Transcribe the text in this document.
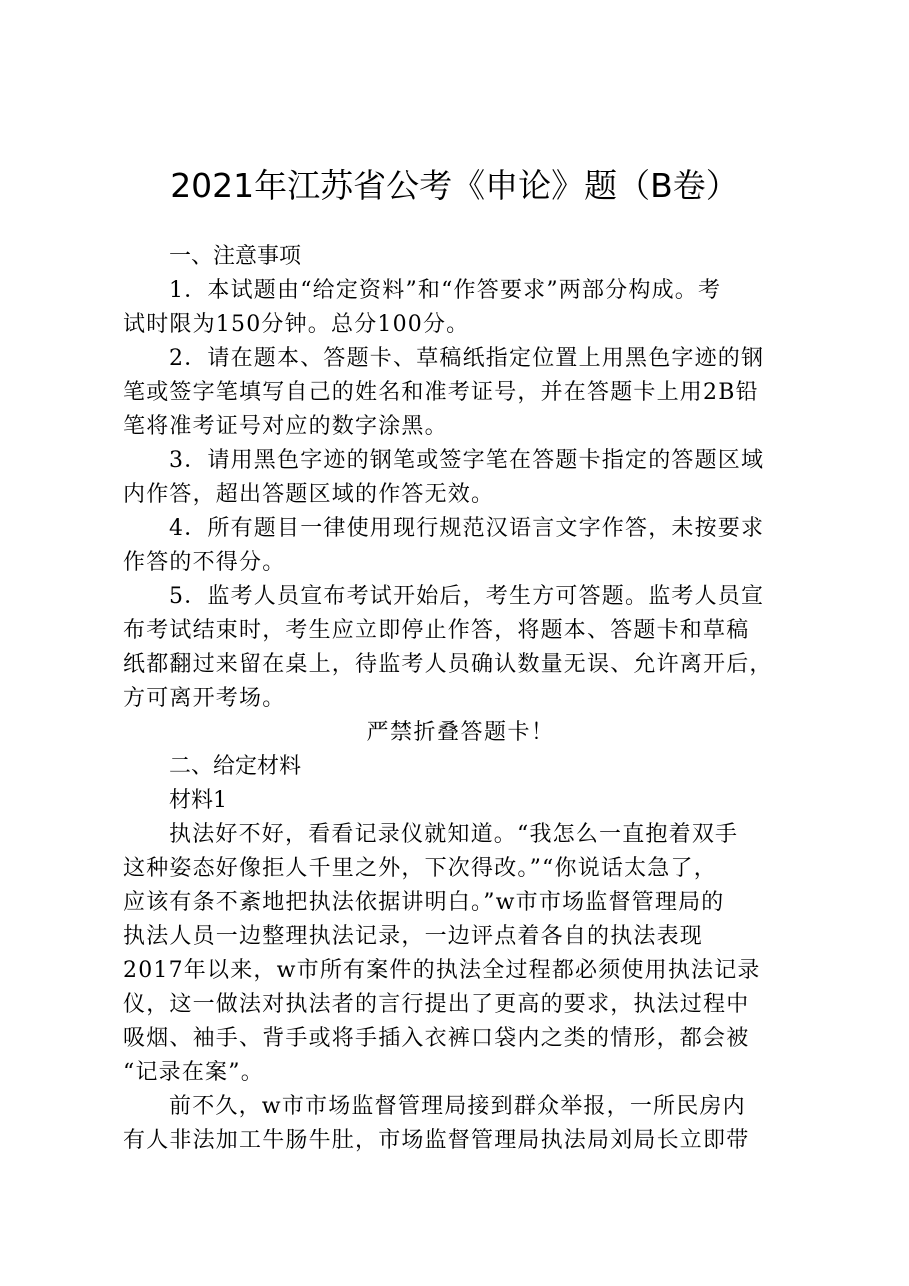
2021年江苏省公考《申论》题（B卷）
一、注意事项
1．本试题由“给定资料”和“作答要求”两部分构成。考
试时限为150分钟。总分100分。
2．请在题本、答题卡、草稿纸指定位置上用黑色字迹的钢
笔或签字笔填写自己的姓名和准考证号，并在答题卡上用2B铅
笔将准考证号对应的数字涂黑。
3．请用黑色字迹的钢笔或签字笔在答题卡指定的答题区域
内作答，超出答题区域的作答无效。
4．所有题目一律使用现行规范汉语言文字作答，未按要求
作答的不得分。
5．监考人员宣布考试开始后，考生方可答题。监考人员宣
布考试结束时，考生应立即停止作答，将题本、答题卡和草稿
纸都翻过来留在桌上，待监考人员确认数量无误、允许离开后，
方可离开考场。
严禁折叠答题卡！
二、给定材料
材料1
执法好不好，看看记录仪就知道。“我怎么一直抱着双手
这种姿态好像拒人千里之外，下次得改。”“你说话太急了，
应该有条不紊地把执法依据讲明白。”w市市场监督管理局的
执法人员一边整理执法记录，一边评点着各自的执法表现
2017年以来，w市所有案件的执法全过程都必须使用执法记录
仪，这一做法对执法者的言行提出了更高的要求，执法过程中
吸烟、袖手、背手或将手插入衣裤口袋内之类的情形，都会被
“记录在案”。
前不久，w市市场监督管理局接到群众举报，一所民房内
有人非法加工牛肠牛肚，市场监督管理局执法局刘局长立即带
